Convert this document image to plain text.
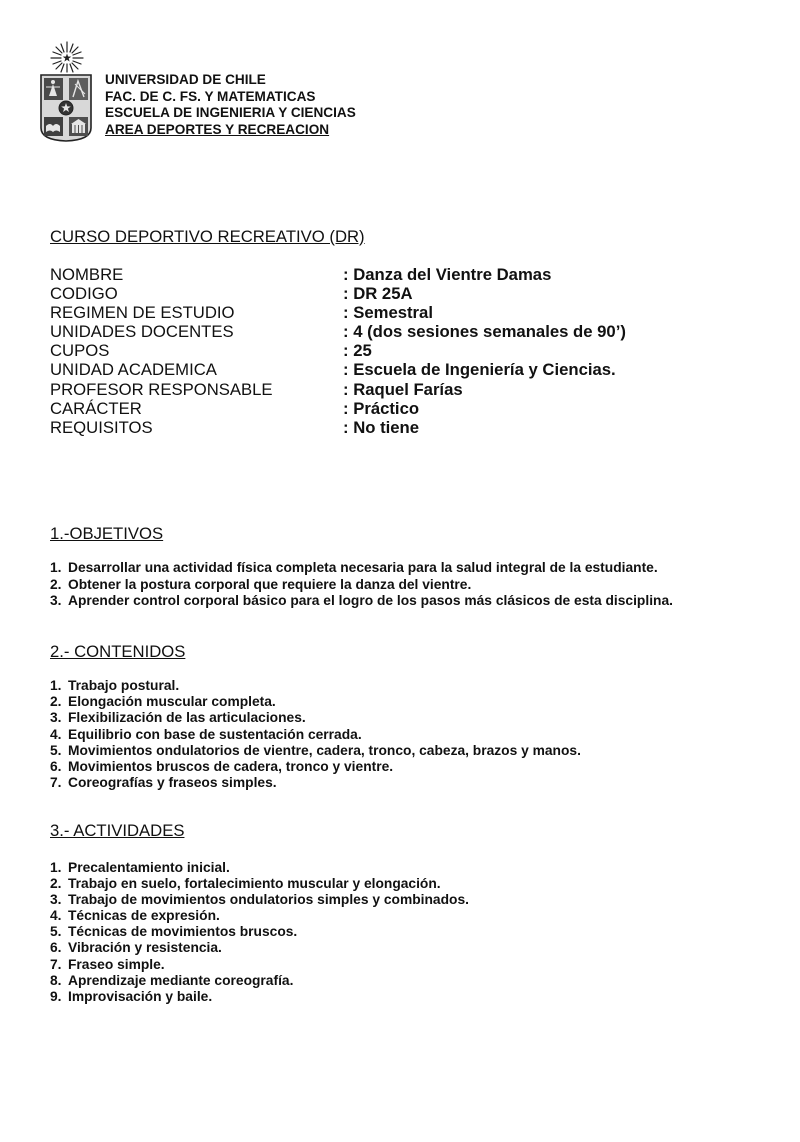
UNIVERSIDAD DE CHILE
FAC. DE C. FS. Y MATEMATICAS
ESCUELA DE INGENIERIA Y CIENCIAS
AREA DEPORTES Y RECREACION
CURSO DEPORTIVO RECREATIVO (DR)
NOMBRE	: Danza del Vientre Damas
CODIGO	: DR 25A
REGIMEN DE ESTUDIO	: Semestral
UNIDADES DOCENTES	: 4 (dos sesiones semanales de 90’)
CUPOS	: 25
UNIDAD ACADEMICA	: Escuela de Ingeniería y Ciencias.
PROFESOR RESPONSABLE	: Raquel Farías
CARÁCTER	: Práctico
REQUISITOS	: No tiene
1.-OBJETIVOS
1. Desarrollar una actividad física completa necesaria para la salud integral de la estudiante.
2. Obtener la postura corporal que requiere la danza del vientre.
3. Aprender control corporal básico para el logro de los pasos más clásicos de esta disciplina.
2.- CONTENIDOS
1. Trabajo postural.
2. Elongación muscular completa.
3. Flexibilización de las articulaciones.
4. Equilibrio con base de sustentación cerrada.
5. Movimientos ondulatorios de vientre, cadera, tronco, cabeza, brazos y manos.
6. Movimientos bruscos de cadera, tronco y vientre.
7. Coreografías y fraseos simples.
3.- ACTIVIDADES
1. Precalentamiento inicial.
2. Trabajo en suelo, fortalecimiento muscular y elongación.
3. Trabajo de movimientos ondulatorios simples y combinados.
4. Técnicas de expresión.
5. Técnicas de movimientos bruscos.
6. Vibración y resistencia.
7. Fraseo simple.
8. Aprendizaje mediante coreografía.
9. Improvisación y baile.
